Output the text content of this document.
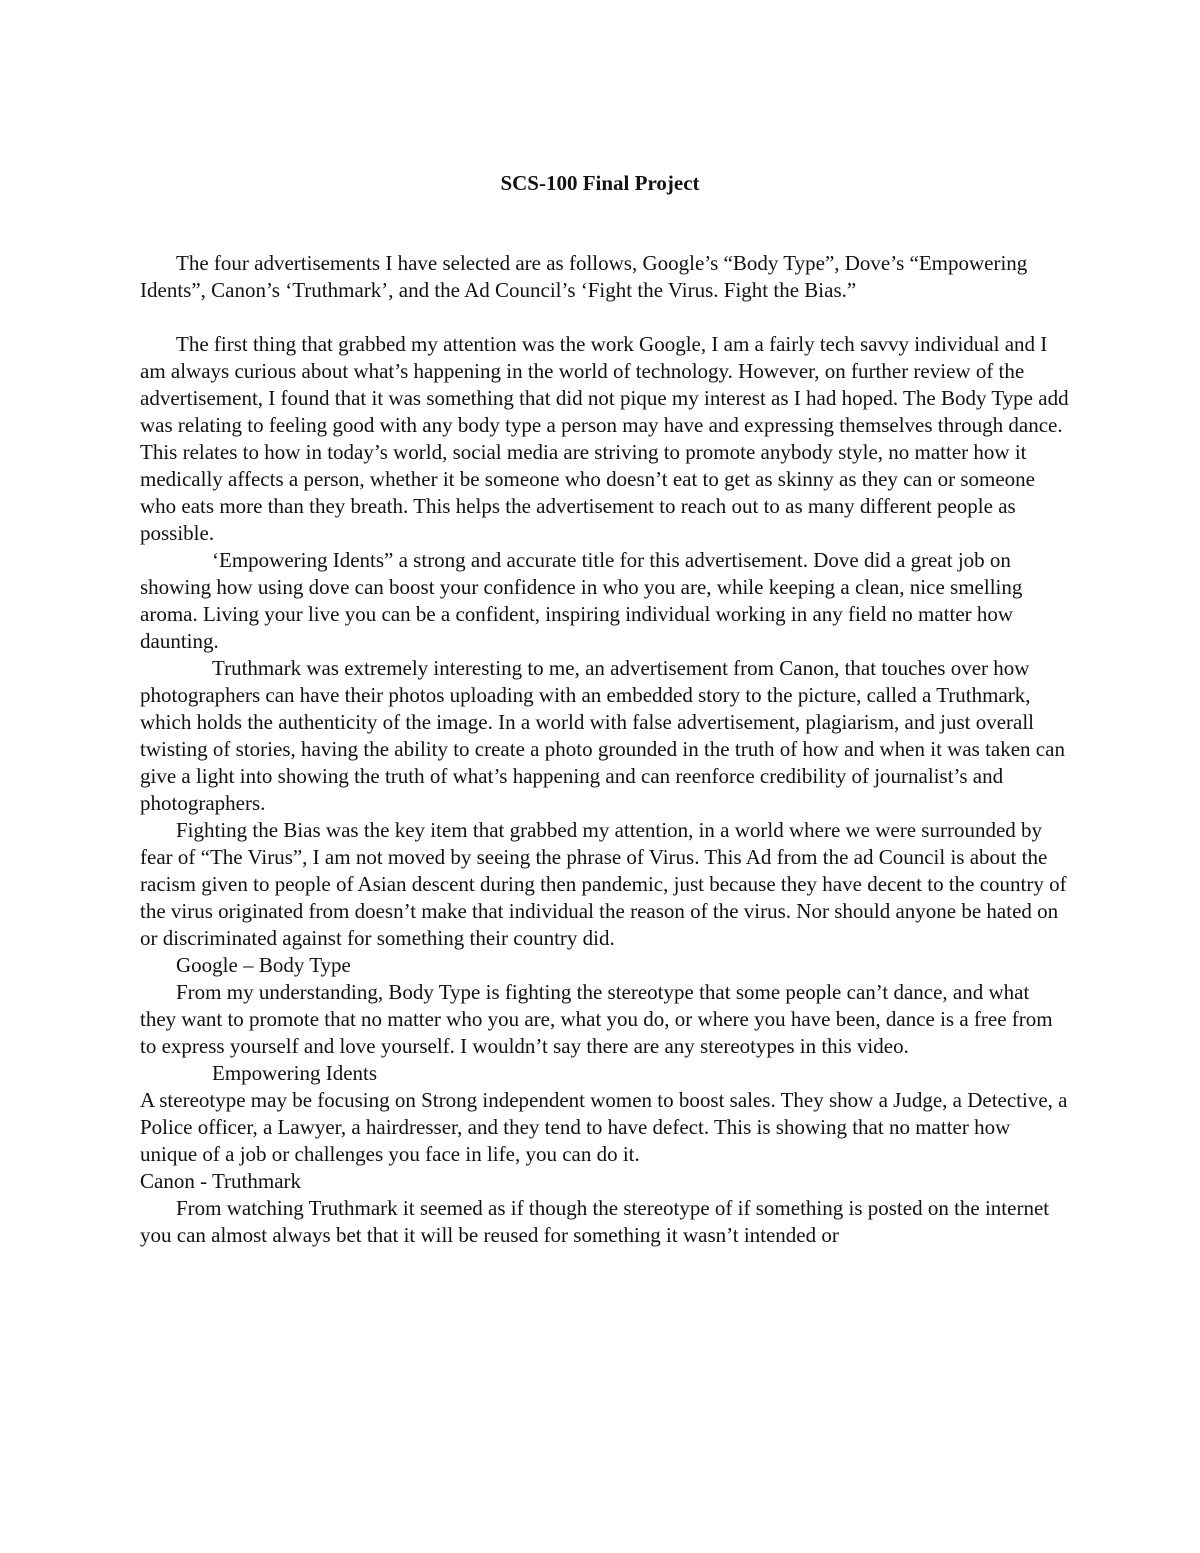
SCS-100 Final Project

The four advertisements I have selected are as follows, Google’s “Body Type”, Dove’s “Empowering Idents”, Canon’s ‘Truthmark’, and the Ad Council’s ‘Fight the Virus. Fight the Bias.”

The first thing that grabbed my attention was the work Google, I am a fairly tech savvy individual and I am always curious about what’s happening in the world of technology. However, on further review of the advertisement, I found that it was something that did not pique my interest as I had hoped. The Body Type add was relating to feeling good with any body type a person may have and expressing themselves through dance. This relates to how in today’s world, social media are striving to promote anybody style, no matter how it medically affects a person, whether it be someone who doesn’t eat to get as skinny as they can or someone who eats more than they breath. This helps the advertisement to reach out to as many different people as possible.

‘Empowering Idents” a strong and accurate title for this advertisement. Dove did a great job on showing how using dove can boost your confidence in who you are, while keeping a clean, nice smelling aroma. Living your live you can be a confident, inspiring individual working in any field no matter how daunting.

Truthmark was extremely interesting to me, an advertisement from Canon, that touches over how photographers can have their photos uploading with an embedded story to the picture, called a Truthmark, which holds the authenticity of the image. In a world with false advertisement, plagiarism, and just overall twisting of stories, having the ability to create a photo grounded in the truth of how and when it was taken can give a light into showing the truth of what’s happening and can reenforce credibility of journalist’s and photographers.

Fighting the Bias was the key item that grabbed my attention, in a world where we were surrounded by fear of “The Virus”, I am not moved by seeing the phrase of Virus. This Ad from the ad Council is about the racism given to people of Asian descent during then pandemic, just because they have decent to the country of the virus originated from doesn’t make that individual the reason of the virus. Nor should anyone be hated on or discriminated against for something their country did.

Google – Body Type

From my understanding, Body Type is fighting the stereotype that some people can’t dance, and what they want to promote that no matter who you are, what you do, or where you have been, dance is a free from to express yourself and love yourself. I wouldn’t say there are any stereotypes in this video.

Empowering Idents

A stereotype may be focusing on Strong independent women to boost sales. They show a Judge, a Detective, a Police officer, a Lawyer, a hairdresser, and they tend to have defect. This is showing that no matter how unique of a job or challenges you face in life, you can do it.

Canon - Truthmark

From watching Truthmark it seemed as if though the stereotype of if something is posted on the internet you can almost always bet that it will be reused for something it wasn’t intended or
